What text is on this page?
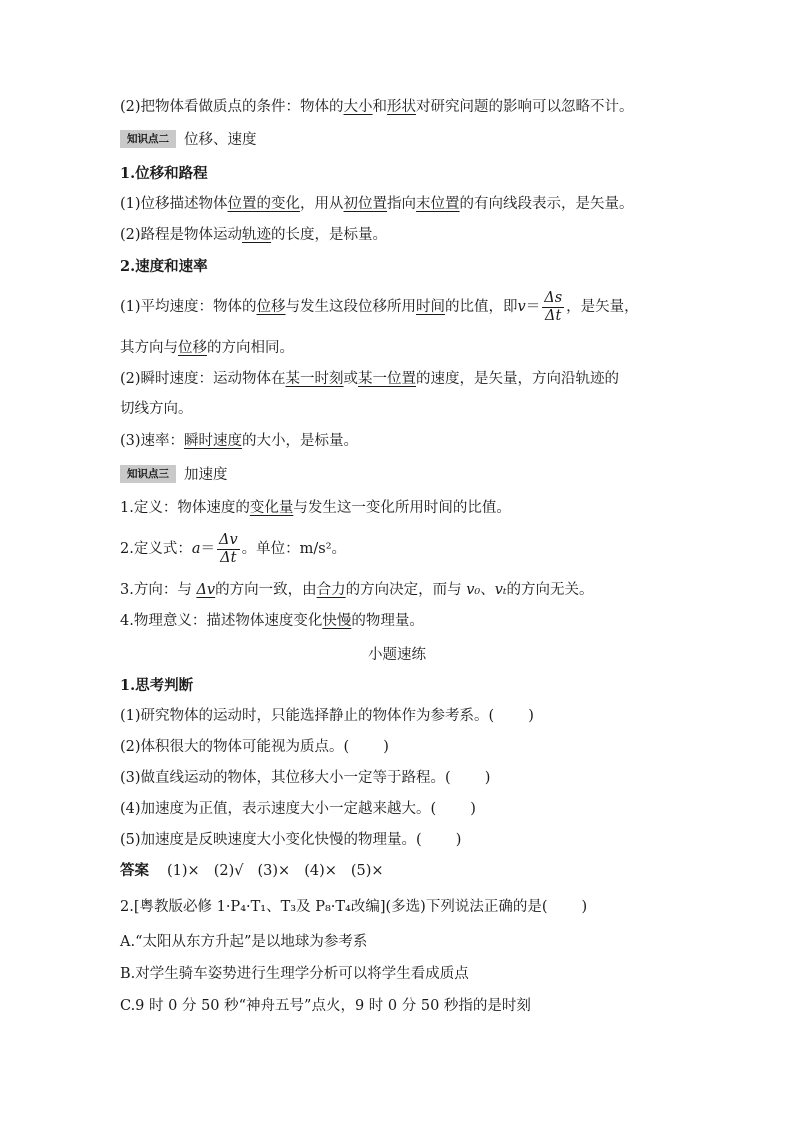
(2)把物体看做质点的条件：物体的大小和形状对研究问题的影响可以忽略不计。
知识点二 位移、速度
1.位移和路程
(1)位移描述物体位置的变化，用从初位置指向末位置的有向线段表示，是矢量。
(2)路程是物体运动轨迹的长度，是标量。
2.速度和速率
(1)平均速度：物体的位移与发生这段位移所用时间的比值，即$v= \frac{\Delta s}{\Delta t}$ ，是矢量，
其方向与位移的方向相同。
(2)瞬时速度：运动物体在某一时刻或某一位置的速度，是矢量，方向沿轨迹的
切线方向。
(3)速率：瞬时速度的大小，是标量。
知识点三 加速度
1.定义：物体速度的变化量与发生这一变化所用时间的比值。
2.定义式：$a= \frac{\Delta v}{\Delta t}$ 。单位：m/s²。
3.方向：与 Δv的方向一致，由合力的方向决定，而与 v₀、vₜ的方向无关。
4.物理意义：描述物体速度变化快慢的物理量。
小题速练
1.思考判断
(1)研究物体的运动时，只能选择静止的物体作为参考系。( )
(2)体积很大的物体可能视为质点。( )
(3)做直线运动的物体，其位移大小一定等于路程。( )
(4)加速度为正值，表示速度大小一定越来越大。( )
(5)加速度是反映速度大小变化快慢的物理量。( )
答案 (1)× (2)√ (3)× (4)× (5)×
2.[粤教版必修 1·P₄·T₁、T₃及 P₈·T₄改编](多选)下列说法正确的是( )
A.“太阳从东方升起”是以地球为参考系
B.对学生骑车姿势进行生理学分析可以将学生看成质点
C.9 时 0 分 50 秒“神舟五号”点火，9 时 0 分 50 秒指的是时刻
